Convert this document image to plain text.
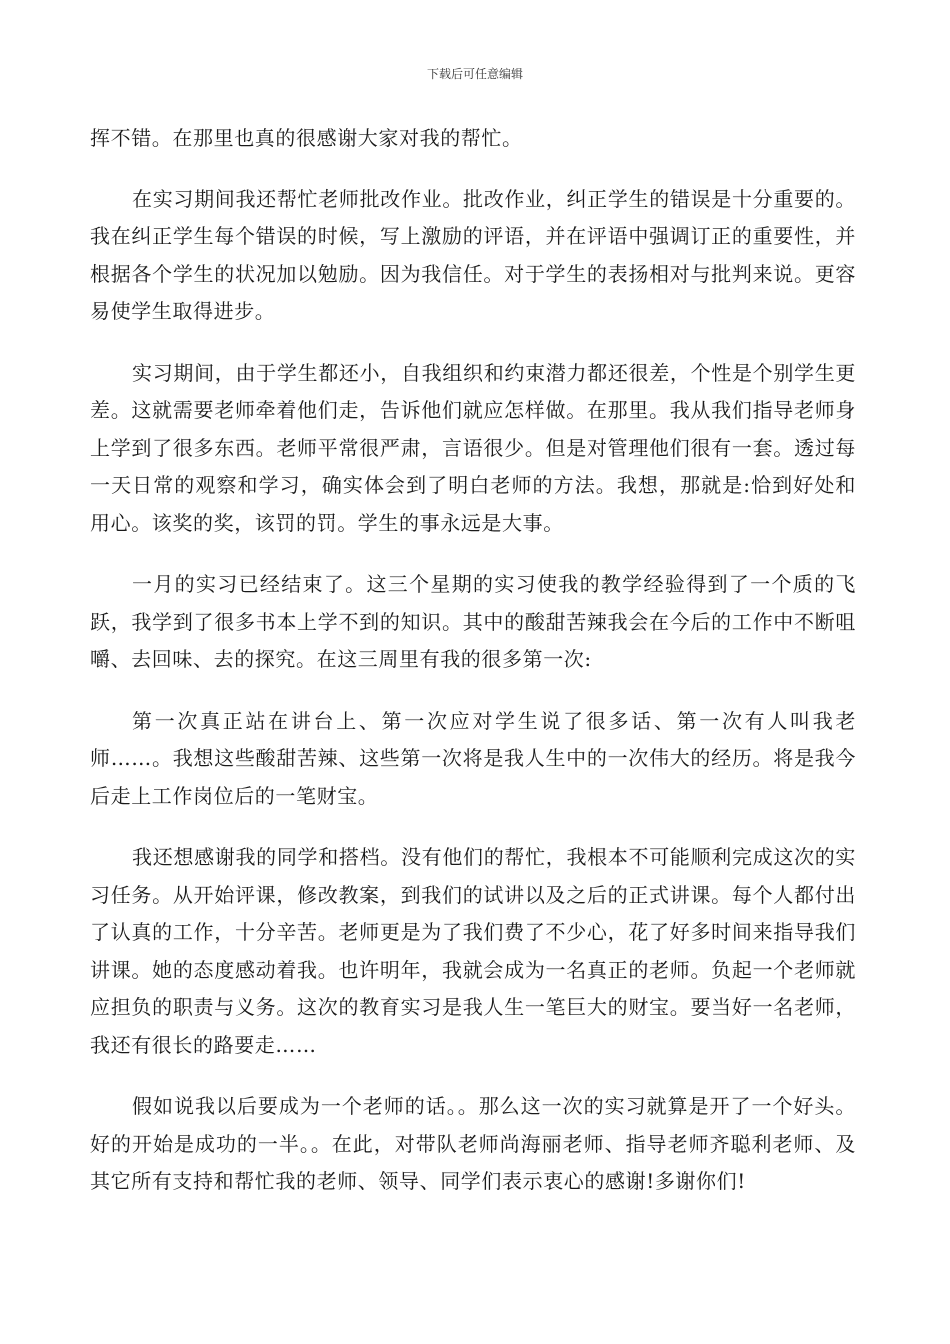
下载后可任意编辑

挥不错。在那里也真的很感谢大家对我的帮忙。

在实习期间我还帮忙老师批改作业。批改作业，纠正学生的错误是十分重要的。我在纠正学生每个错误的时候，写上激励的评语，并在评语中强调订正的重要性，并根据各个学生的状况加以勉励。因为我信任。对于学生的表扬相对与批判来说。更容易使学生取得进步。

实习期间，由于学生都还小，自我组织和约束潜力都还很差，个性是个别学生更差。这就需要老师牵着他们走，告诉他们就应怎样做。在那里。我从我们指导老师身上学到了很多东西。老师平常很严肃，言语很少。但是对管理他们很有一套。透过每一天日常的观察和学习，确实体会到了明白老师的方法。我想，那就是:恰到好处和用心。该奖的奖，该罚的罚。学生的事永远是大事。

一月的实习已经结束了。这三个星期的实习使我的教学经验得到了一个质的飞跃，我学到了很多书本上学不到的知识。其中的酸甜苦辣我会在今后的工作中不断咀嚼、去回味、去的探究。在这三周里有我的很多第一次:

第一次真正站在讲台上、第一次应对学生说了很多话、第一次有人叫我老师……。我想这些酸甜苦辣、这些第一次将是我人生中的一次伟大的经历。将是我今后走上工作岗位后的一笔财宝。

我还想感谢我的同学和搭档。没有他们的帮忙，我根本不可能顺利完成这次的实习任务。从开始评课，修改教案，到我们的试讲以及之后的正式讲课。每个人都付出了认真的工作，十分辛苦。老师更是为了我们费了不少心，花了好多时间来指导我们讲课。她的态度感动着我。也许明年，我就会成为一名真正的老师。负起一个老师就应担负的职责与义务。这次的教育实习是我人生一笔巨大的财宝。要当好一名老师，我还有很长的路要走……

假如说我以后要成为一个老师的话。。那么这一次的实习就算是开了一个好头。好的开始是成功的一半。。在此，对带队老师尚海丽老师、指导老师齐聪利老师、及其它所有支持和帮忙我的老师、领导、同学们表示衷心的感谢!多谢你们!
